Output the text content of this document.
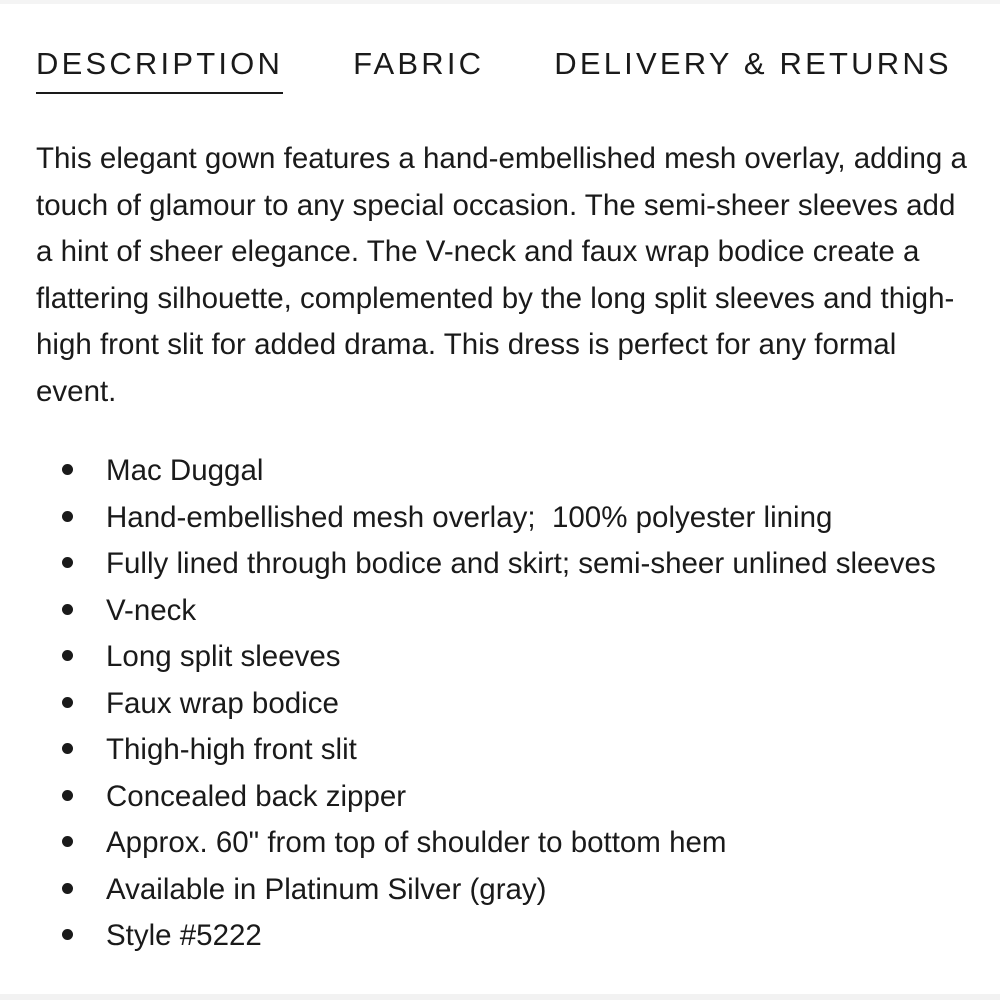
DESCRIPTION FABRIC DELIVERY & RETURNS

This elegant gown features a hand-embellished mesh overlay, adding a touch of glamour to any special occasion. The semi-sheer sleeves add a hint of sheer elegance. The V-neck and faux wrap bodice create a flattering silhouette, complemented by the long split sleeves and thigh-high front slit for added drama. This dress is perfect for any formal event.

Mac Duggal
Hand-embellished mesh overlay;  100% polyester lining
Fully lined through bodice and skirt; semi-sheer unlined sleeves
V-neck
Long split sleeves
Faux wrap bodice
Thigh-high front slit
Concealed back zipper
Approx. 60" from top of shoulder to bottom hem
Available in Platinum Silver (gray)
Style #5222
